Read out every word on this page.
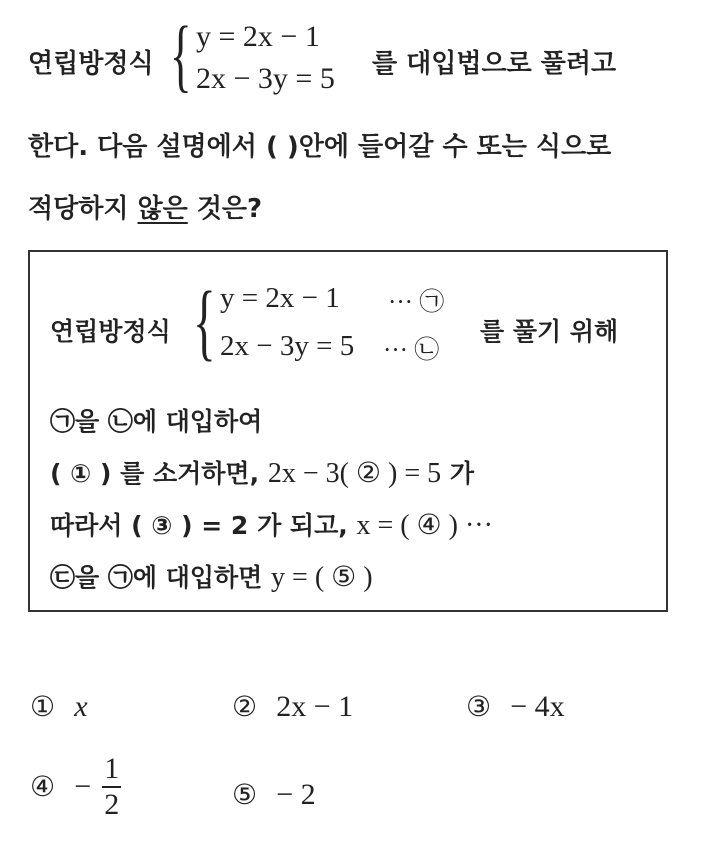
연립방정식 { y = 2x − 1
2x − 3y = 5 를 대입법으로 풀려고
한다. 다음 설명에서 ( )안에 들어갈 수 또는 식으로
적당하지 않은 것은?
연립방정식 { y = 2x − 1 ··· ㉠
2x − 3y = 5 ··· ㉡
를 풀기 위해
㉠을 ㉡에 대입하여
( ① ) 를 소거하면, 2x − 3( ② ) = 5 가
따라서 ( ③ ) = 2 가 되고, x = ( ④ ) ···
㉢을 ㉠에 대입하면 y = ( ⑤ )
① x	② 2x − 1	③ − 4x
④ − $\frac{1}{2}$	⑤ − 2
